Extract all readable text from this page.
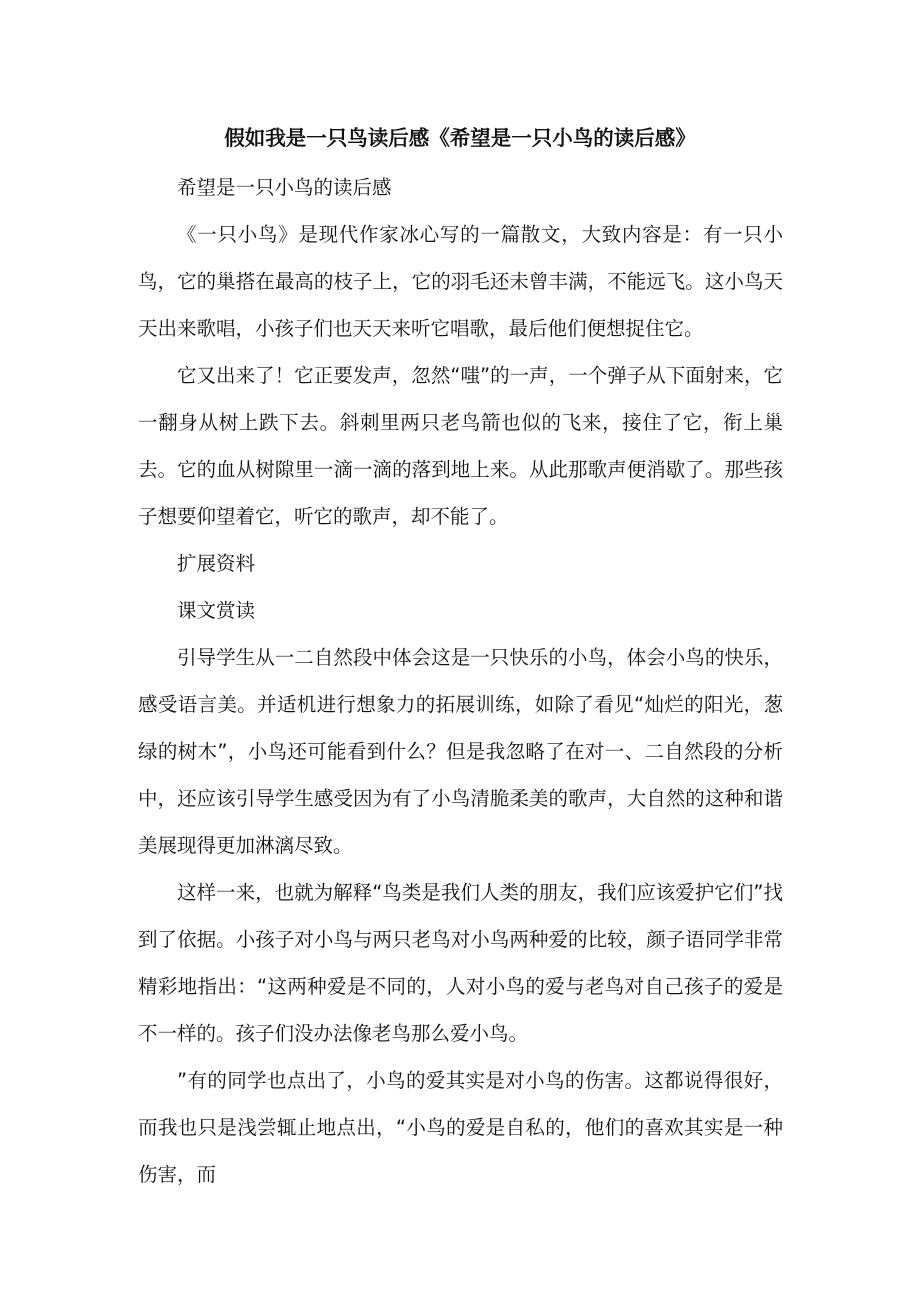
假如我是一只鸟读后感《希望是一只小鸟的读后感》

希望是一只小鸟的读后感

《一只小鸟》是现代作家冰心写的一篇散文，大致内容是：有一只小鸟，它的巢搭在最高的枝子上，它的羽毛还未曾丰满，不能远飞。这小鸟天天出来歌唱，小孩子们也天天来听它唱歌，最后他们便想捉住它。

它又出来了！它正要发声，忽然“嗤”的一声，一个弹子从下面射来，它一翻身从树上跌下去。斜刺里两只老鸟箭也似的飞来，接住了它，衔上巢去。它的血从树隙里一滴一滴的落到地上来。从此那歌声便消歇了。那些孩子想要仰望着它，听它的歌声，却不能了。

扩展资料

课文赏读

引导学生从一二自然段中体会这是一只快乐的小鸟，体会小鸟的快乐，感受语言美。并适机进行想象力的拓展训练，如除了看见“灿烂的阳光，葱绿的树木”，小鸟还可能看到什么？但是我忽略了在对一、二自然段的分析中，还应该引导学生感受因为有了小鸟清脆柔美的歌声，大自然的这种和谐美展现得更加淋漓尽致。

这样一来，也就为解释“鸟类是我们人类的朋友，我们应该爱护它们”找到了依据。小孩子对小鸟与两只老鸟对小鸟两种爱的比较，颜子语同学非常精彩地指出：“这两种爱是不同的，人对小鸟的爱与老鸟对自己孩子的爱是不一样的。孩子们没办法像老鸟那么爱小鸟。

”有的同学也点出了，小鸟的爱其实是对小鸟的伤害。这都说得很好，而我也只是浅尝辄止地点出，“小鸟的爱是自私的，他们的喜欢其实是一种伤害，而
